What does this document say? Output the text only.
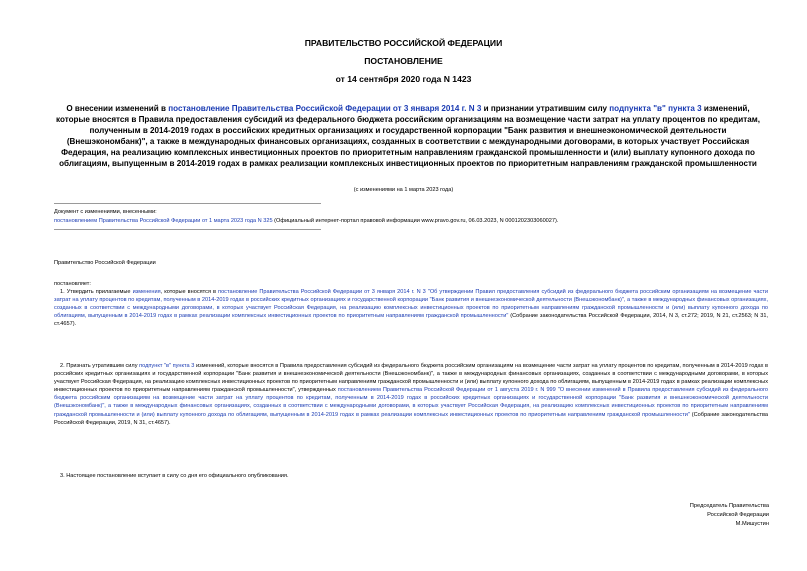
ПРАВИТЕЛЬСТВО РОССИЙСКОЙ ФЕДЕРАЦИИ
ПОСТАНОВЛЕНИЕ
от 14 сентября 2020 года N 1423
О внесении изменений в постановление Правительства Российской Федерации от 3 января 2014 г. N 3 и признании утратившим силу подпункта "в" пункта 3 изменений, которые вносятся в Правила предоставления субсидий из федерального бюджета российским организациям на возмещение части затрат на уплату процентов по кредитам, полученным в 2014-2019 годах в российских кредитных организациях и государственной корпорации "Банк развития и внешнеэкономической деятельности (Внешэкономбанк)", а также в международных финансовых организациях, созданных в соответствии с международными договорами, в которых участвует Российская Федерация, на реализацию комплексных инвестиционных проектов по приоритетным направлениям гражданской промышленности и (или) выплату купонного дохода по облигациям, выпущенным в 2014-2019 годах в рамках реализации комплексных инвестиционных проектов по приоритетным направлениям гражданской промышленности
(с изменениями на 1 марта 2023 года)
Документ с изменениями, внесенными:
постановлением Правительства Российской Федерации от 1 марта 2023 года N 325 (Официальный интернет-портал правовой информации www.pravo.gov.ru, 06.03.2023, N 0001202303060027).
Правительство Российской Федерации
постановляет:
1. Утвердить прилагаемые изменения, которые вносятся в постановление Правительства Российской Федерации от 3 января 2014 г. N 3 "Об утверждении Правил предоставления субсидий из федерального бюджета российским организациям на возмещение части затрат на уплату процентов по кредитам, полученным в 2014-2019 годах в российских кредитных организациях и государственной корпорации "Банк развития и внешнеэкономической деятельности (Внешэкономбанк)", а также в международных финансовых организациях, созданных в соответствии с международными договорами, в которых участвует Российская Федерация, на реализацию комплексных инвестиционных проектов по приоритетным направлениям гражданской промышленности и (или) выплату купонного дохода по облигациям, выпущенным в 2014-2019 годах в рамках реализации комплексных инвестиционных проектов по приоритетным направлениям гражданской промышленности" (Собрание законодательства Российской Федерации, 2014, N 3, ст.272; 2019, N 21, ст.2563; N 31, ст.4657).
2. Признать утратившим силу подпункт "в" пункта 3 изменений, которые вносятся в Правила предоставления субсидий из федерального бюджета российским организациям на возмещение части затрат на уплату процентов по кредитам, полученным в 2014-2019 годах в российских кредитных организациях и государственной корпорации "Банк развития и внешнеэкономической деятельности (Внешэкономбанк)", а также в международных финансовых организациях, созданных в соответствии с международными договорами, в которых участвует Российская Федерация, на реализацию комплексных инвестиционных проектов по приоритетным направлениям гражданской промышленности и (или) выплату купонного дохода по облигациям, выпущенным в 2014-2019 годах в рамках реализации комплексных инвестиционных проектов по приоритетным направлениям гражданской промышленности", утвержденных постановлением Правительства Российской Федерации от 1 августа 2019 г. N 999 "О внесении изменений в Правила предоставления субсидий из федерального бюджета российским организациям на возмещение части затрат на уплату процентов по кредитам, полученным в 2014-2019 годах в российских кредитных организациях и государственной корпорации "Банк развития и внешнеэкономической деятельности (Внешэкономбанк)", а также в международных финансовых организациях, созданных в соответствии с международными договорами, в которых участвует Российская Федерация, на реализацию комплексных инвестиционных проектов по приоритетным направлениям гражданской промышленности и (или) выплату купонного дохода по облигациям, выпущенным в 2014-2019 годах в рамках реализации комплексных инвестиционных проектов по приоритетным направлениям гражданской промышленности" (Собрание законодательства Российской Федерации, 2019, N 31, ст.4657).
3. Настоящее постановление вступает в силу со дня его официального опубликования.
Председатель Правительства
Российской Федерации
М.Мишустин
